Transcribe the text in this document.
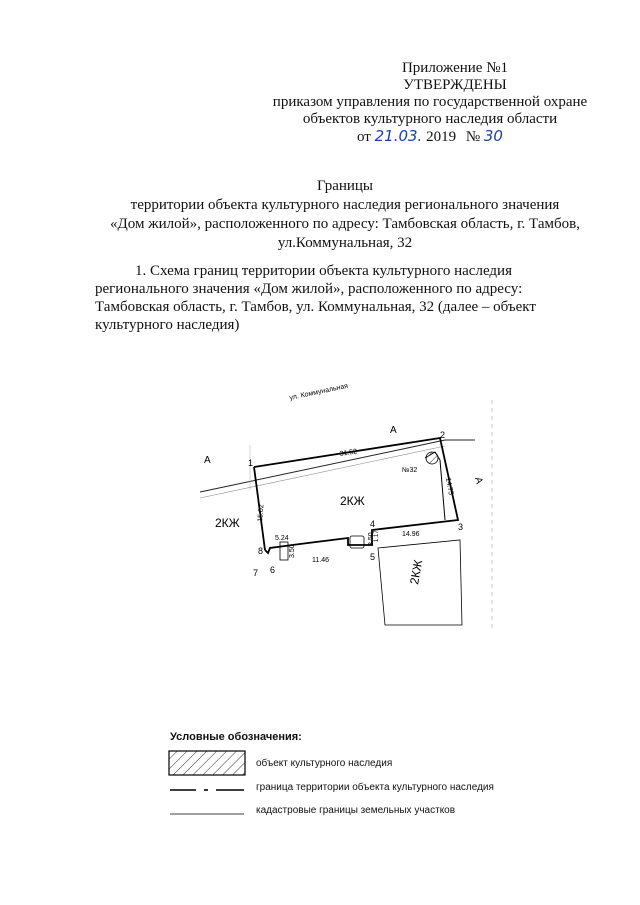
Приложение №1
УТВЕРЖДЕНЫ
приказом управления по государственной охране
объектов культурного наследия области
от 21.03. 2019 № 30
Границы
территории объекта культурного наследия регионального значения
«Дом жилой», расположенного по адресу: Тамбовская область, г. Тамбов,
ул.Коммунальная, 32
1. Схема границ территории объекта культурного наследия
регионального значения «Дом жилой», расположенного по адресу:
Тамбовская область, г. Тамбов, ул. Коммунальная, 32 (далее – объект
культурного наследия)
ул. Коммунальная
А
А
А
2КЖ
2КЖ
2КЖ
№32
31.52
14.75
15.02
5.24
3.50
11.46
3.50 1.17	14.96
1
2
3
4
5
6
7
8
Условные обозначения:
объект культурного наследия
граница территории объекта культурного наследия
кадастровые границы земельных участков
